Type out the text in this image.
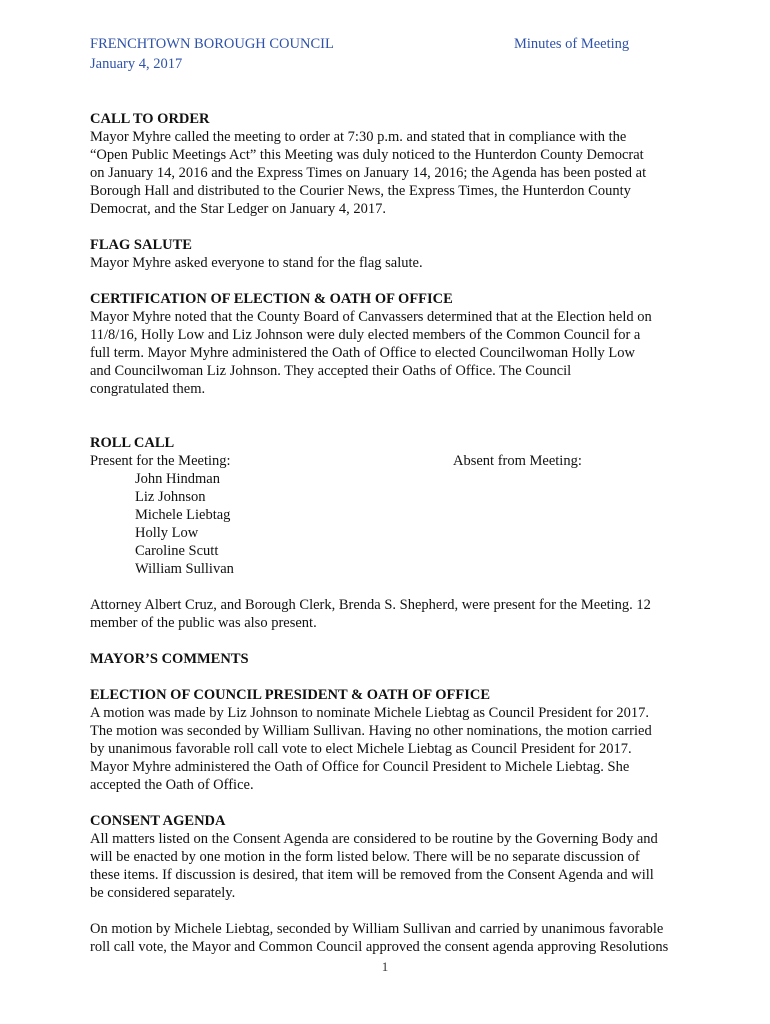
FRENCHTOWN BOROUGH COUNCIL	Minutes of Meeting
January 4, 2017

CALL TO ORDER

Mayor Myhre called the meeting to order at 7:30 p.m. and stated that in compliance with the

“Open Public Meetings Act” this Meeting was duly noticed to the Hunterdon County Democrat

on January 14, 2016 and the Express Times on January 14, 2016; the Agenda has been posted at

Borough Hall and distributed to the Courier News, the Express Times, the Hunterdon County

Democrat, and the Star Ledger on January 4, 2017.

FLAG SALUTE

Mayor Myhre asked everyone to stand for the flag salute.

CERTIFICATION OF ELECTION & OATH OF OFFICE

Mayor Myhre noted that the County Board of Canvassers determined that at the Election held on

11/8/16, Holly Low and Liz Johnson were duly elected members of the Common Council for a

full term. Mayor Myhre administered the Oath of Office to elected Councilwoman Holly Low

and Councilwoman Liz Johnson. They accepted their Oaths of Office. The Council

congratulated them.

ROLL CALL

Present for the Meeting:	Absent from Meeting:

John Hindman

Liz Johnson

Michele Liebtag

Holly Low

Caroline Scutt

William Sullivan

Attorney Albert Cruz, and Borough Clerk, Brenda S. Shepherd, were present for the Meeting. 12

member of the public was also present.

MAYOR’S COMMENTS

ELECTION OF COUNCIL PRESIDENT & OATH OF OFFICE

A motion was made by Liz Johnson to nominate Michele Liebtag as Council President for 2017.

The motion was seconded by William Sullivan. Having no other nominations, the motion carried

by unanimous favorable roll call vote to elect Michele Liebtag as Council President for 2017.

Mayor Myhre administered the Oath of Office for Council President to Michele Liebtag. She

accepted the Oath of Office.

CONSENT AGENDA

All matters listed on the Consent Agenda are considered to be routine by the Governing Body and

will be enacted by one motion in the form listed below. There will be no separate discussion of

these items. If discussion is desired, that item will be removed from the Consent Agenda and will

be considered separately.

On motion by Michele Liebtag, seconded by William Sullivan and carried by unanimous favorable

roll call vote, the Mayor and Common Council approved the consent agenda approving Resolutions

1
